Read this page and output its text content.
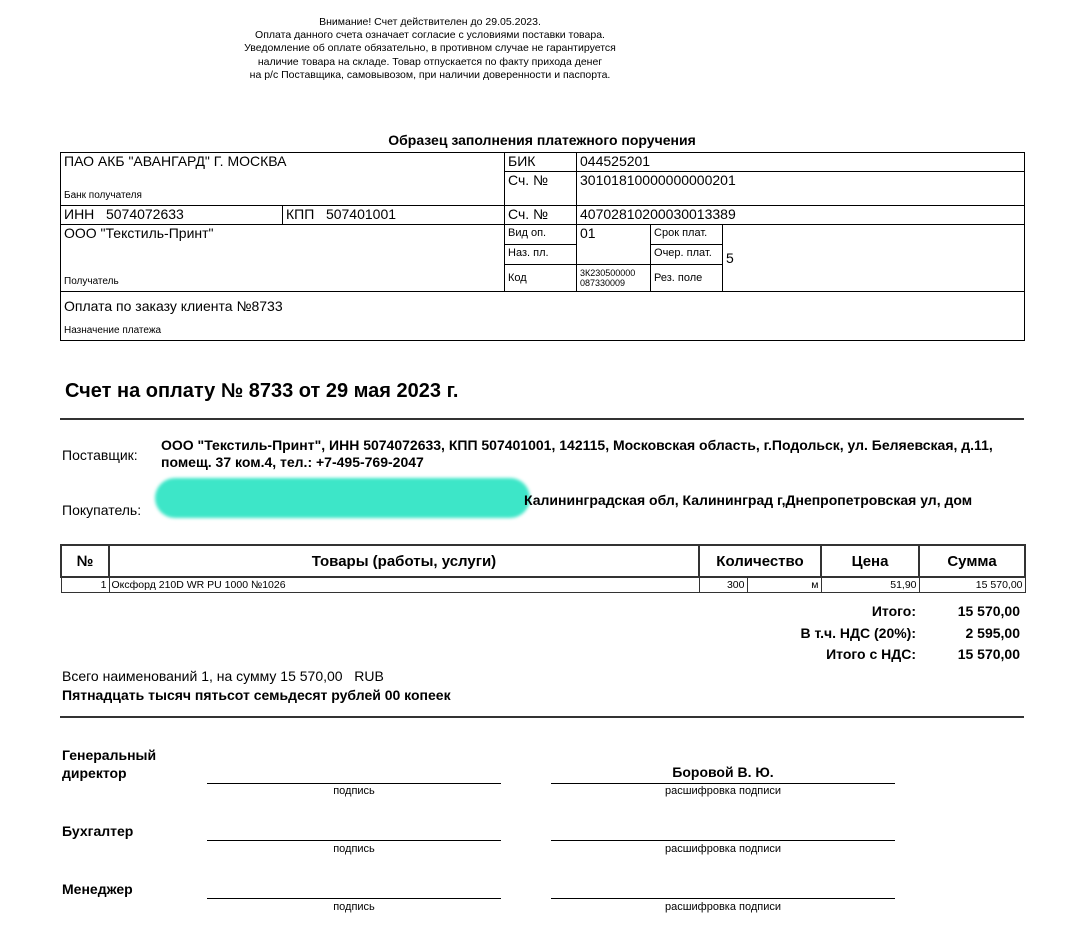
Внимание! Счет действителен до 29.05.2023.
Оплата данного счета означает согласие с условиями поставки товара.
Уведомление об оплате обязательно, в противном случае не гарантируется
наличие товара на складе. Товар отпускается по факту прихода денег
на р/с Поставщика, самовывозом, при наличии доверенности и паспорта.
Образец заполнения платежного поручения
ПАО АКБ "АВАНГАРД" Г. МОСКВА
Банк получателя		БИК	044525201		
		Сч. №	30101810000000000201		
ИНН 5074072633	КПП 507401001	Сч. №	40702810200030013389		
ООО "Текстиль-Принт"
Получатель		Вид оп.	01	Срок плат.	5
		Наз. пл.		Очер. плат.	
		Код	3К230500000 087330009	Рез. поле	
Оплата по заказу клиента №8733
Назначение платежа					
Счет на оплату № 8733 от 29 мая 2023 г.
Поставщик:
ООО "Текстиль-Принт", ИНН 5074072633, КПП 507401001, 142115, Московская область, г.Подольск, ул. Беляевская, д.11, помещ. 37 ком.4, тел.: +7-495-769-2047
Покупатель:
Калининградская обл, Калининград г,Днепропетровская ул, дом
№	Товары (работы, услуги)	Количество		Цена	Сумма
1	Оксфорд 210D WR PU 1000 №1026	300	м	51,90	15 570,00
Итого:	15 570,00
В т.ч. НДС (20%):	2 595,00
Итого с НДС:	15 570,00
Всего наименований 1, на сумму 15 570,00   RUB
Пятнадцать тысяч пятьсот семьдесят рублей 00 копеек
Генеральный директор
подпись
Боровой В. Ю.
расшифровка подписи
Бухгалтер
подпись	расшифровка подписи
Менеджер
подпись	расшифровка подписи
